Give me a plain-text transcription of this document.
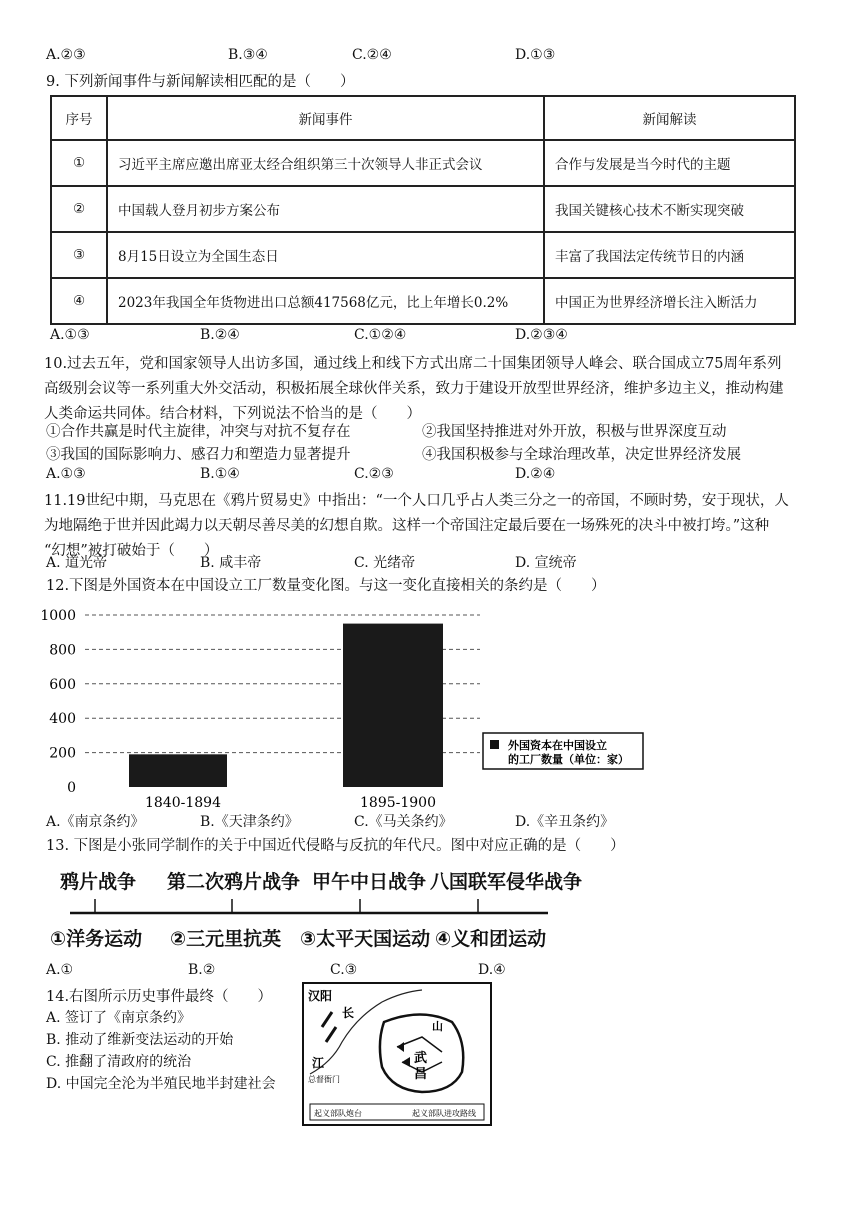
A.②③	B.③④	C.②④	D.①③
9. 下列新闻事件与新闻解读相匹配的是（　　）
序号	新闻事件	新闻解读
①	习近平主席应邀出席亚太经合组织第三十次领导人非正式会议	合作与发展是当今时代的主题
②	中国载人登月初步方案公布	我国关键核心技术不断实现突破
③	8月15日设立为全国生态日	丰富了我国法定传统节日的内涵
④	2023年我国全年货物进出口总额417568亿元，比上年增长0.2%	中国正为世界经济增长注入断活力
A.①③	B.②④	C.①②④	D.②③④
10.过去五年，党和国家领导人出访多国，通过线上和线下方式出席二十国集团领导人峰会、联合国成立75周年系列
高级别会议等一系列重大外交活动，积极拓展全球伙伴关系，致力于建设开放型世界经济，维护多边主义，推动构建
人类命运共同体。结合材料，下列说法不恰当的是（　　）
①合作共赢是时代主旋律，冲突与对抗不复存在	②我国坚持推进对外开放，积极与世界深度互动
③我国的国际影响力、感召力和塑造力显著提升	④我国积极参与全球治理改革，决定世界经济发展
A.①③	B.①④	C.②③	D.②④
11.19世纪中期，马克思在《鸦片贸易史》中指出：“一个人口几乎占人类三分之一的帝国，不顾时势，安于现状，人
为地隔绝于世并因此竭力以天朝尽善尽美的幻想自欺。这样一个帝国注定最后要在一场殊死的决斗中被打垮。”这种
“幻想”被打破始于（　　）
A. 道光帝	B. 咸丰帝	C. 光绪帝	D. 宣统帝
12.下图是外国资本在中国设立工厂数量变化图。与这一变化直接相关的条约是（　　）
1000
800
600
400
200
0
1840-1894	1895-1900
外国资本在中国设立
的工厂数量（单位：家）
A.《南京条约》	B.《天津条约》	C.《马关条约》	D.《辛丑条约》
13. 下图是小张同学制作的关于中国近代侵略与反抗的年代尺。图中对应正确的是（　　）
鸦片战争 第二次鸦片战争 甲午中日战争 八国联军侵华战争
①洋务运动 ②三元里抗英 ③太平天国运动 ④义和团运动
A.①	B.②	C.③	D.④
14.右图所示历史事件最终（　　）
A. 签订了《南京条约》
B. 推动了维新变法运动的开始
C. 推翻了清政府的统治
D. 中国完全沦为半殖民地半封建社会
汉阳
长
江
山
武
昌
总督衙门
起义部队炮台	起义部队进攻路线
